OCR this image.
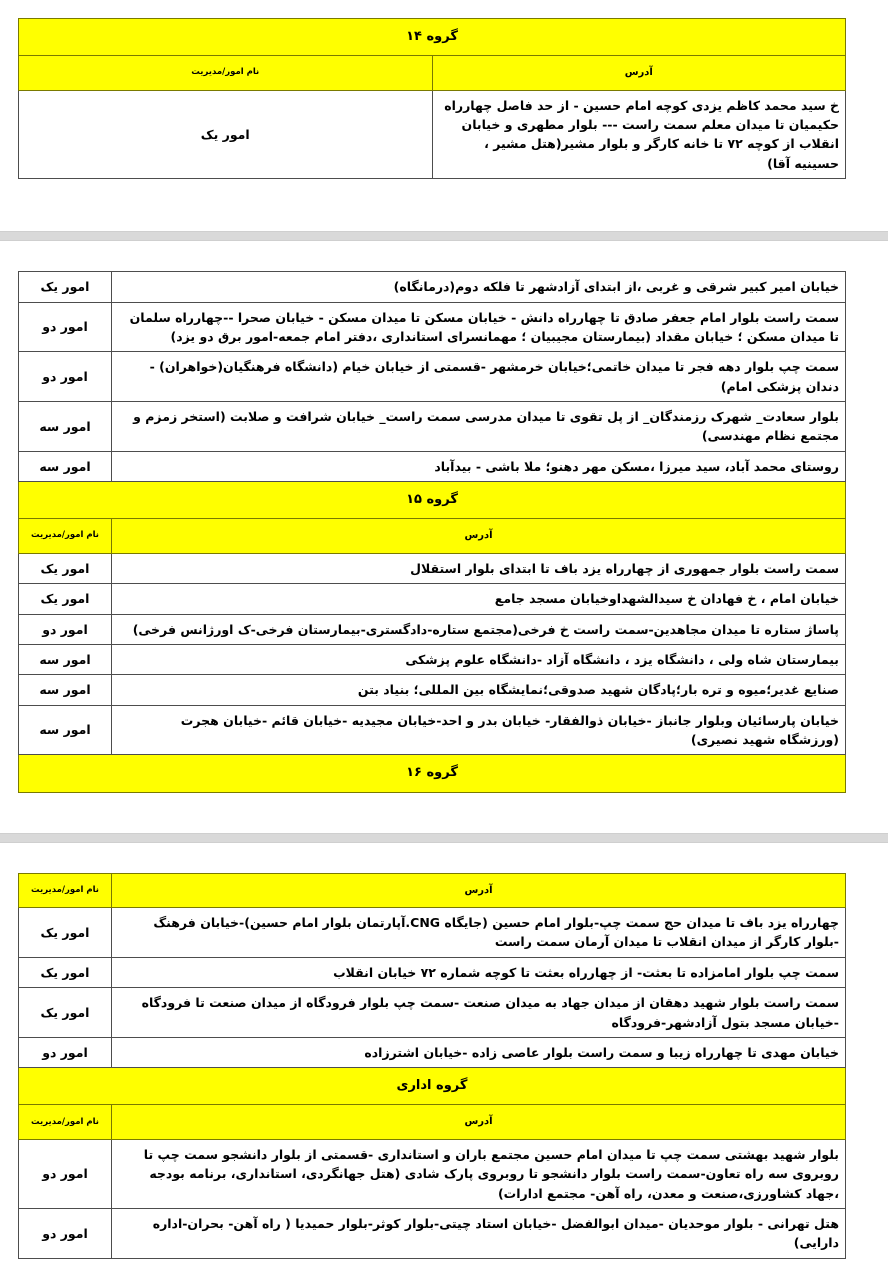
گروه ۱۴	
آدرس	نام امور/مدیریت
خ سید محمد کاظم یزدی کوچه امام حسین - از حد فاصل چهارراه حکیمیان تا میدان معلم سمت راست --- بلوار مطهری و خیابان انقلاب از کوچه ۷۲ تا خانه کارگر و بلوار مشیر(هتل مشیر ، حسینیه آقا)	امور یک
خیابان امیر کبیر شرقی و غربی ،از ابتدای آزادشهر تا فلکه دوم(درمانگاه)	امور یک
سمت راست بلوار امام جعفر صادق تا چهارراه دانش - خیابان مسکن تا میدان مسکن - خیابان صحرا --چهارراه سلمان تا میدان مسکن ؛ خیابان مقداد (بیمارستان مجیبیان ؛ مهمانسرای استانداری ،دفتر امام جمعه-امور برق دو یزد)	امور دو
سمت چپ بلوار دهه فجر تا میدان خاتمی؛خیابان خرمشهر -قسمتی از خیابان خیام (دانشگاه فرهنگیان(خواهران) - دندان پزشکی امام)	امور دو
بلوار سعادت_ شهرک رزمندگان_ از پل تقوی تا میدان مدرسی سمت راست_ خیابان شرافت و صلابت (استخر زمزم و مجتمع نظام مهندسی)	امور سه
روستای محمد آباد، سید میرزا ،مسکن مهر دهنو؛ ملا باشی - بیدآباد	امور سه
گروه ۱۵	
آدرس	نام امور/مدیریت
سمت راست بلوار جمهوری از چهارراه یزد باف تا ابتدای بلوار استقلال	امور یک
خیابان امام ، خ فهادان خ سیدالشهداوخیابان مسجد جامع	امور یک
پاساژ ستاره تا میدان مجاهدین-سمت راست خ فرخی(مجتمع ستاره-دادگستری-بیمارستان فرخی-ک اورژانس فرخی)	امور دو
بیمارستان شاه ولی ، دانشگاه یزد ، دانشگاه آزاد -دانشگاه علوم پزشکی	امور سه
صنایع غدیر؛میوه و تره بار؛پادگان شهید صدوقی؛نمایشگاه بین المللی؛ بنیاد بتن	امور سه
خیابان پارسائیان وبلوار جانباز -خیابان ذوالفقار- خیابان بدر و احد-خیابان مجیدیه -خیابان قائم -خیابان هجرت (ورزشگاه شهید نصیری)	امور سه
گروه ۱۶	
آدرس	نام امور/مدیریت
چهارراه یزد باف تا میدان حج سمت چپ-بلوار امام حسین (جایگاه CNG.آپارتمان بلوار امام حسین)-خیابان فرهنگ -بلوار کارگر از میدان انقلاب تا میدان آرمان سمت راست	امور یک
سمت چپ بلوار امامزاده تا بعثت- از چهارراه بعثت تا کوچه شماره ۷۲ خیابان انقلاب	امور یک
سمت راست بلوار شهید دهقان از میدان جهاد به میدان صنعت -سمت چپ بلوار فرودگاه از میدان صنعت تا فرودگاه -خیابان مسجد بتول آزادشهر-فرودگاه	امور یک
خیابان مهدی تا چهارراه زیبا و سمت راست بلوار عاصی زاده -خیابان اشترزاده	امور دو
گروه اداری	
آدرس	نام امور/مدیریت
بلوار شهید بهشتی سمت چپ تا میدان امام حسین مجتمع باران و استانداری -قسمتی از بلوار دانشجو سمت چپ تا روبروی سه راه تعاون-سمت راست بلوار دانشجو تا روبروی پارک شادی (هتل جهانگردی، استانداری، برنامه بودجه ،جهاد کشاورزی،صنعت و معدن، راه آهن- مجتمع ادارات)	امور دو
هتل تهرانی - بلوار موحدیان -میدان ابوالفضل -خیابان استاد چیتی-بلوار کوثر-بلوار حمیدیا ( راه آهن- بحران-اداره دارایی)	امور دو
